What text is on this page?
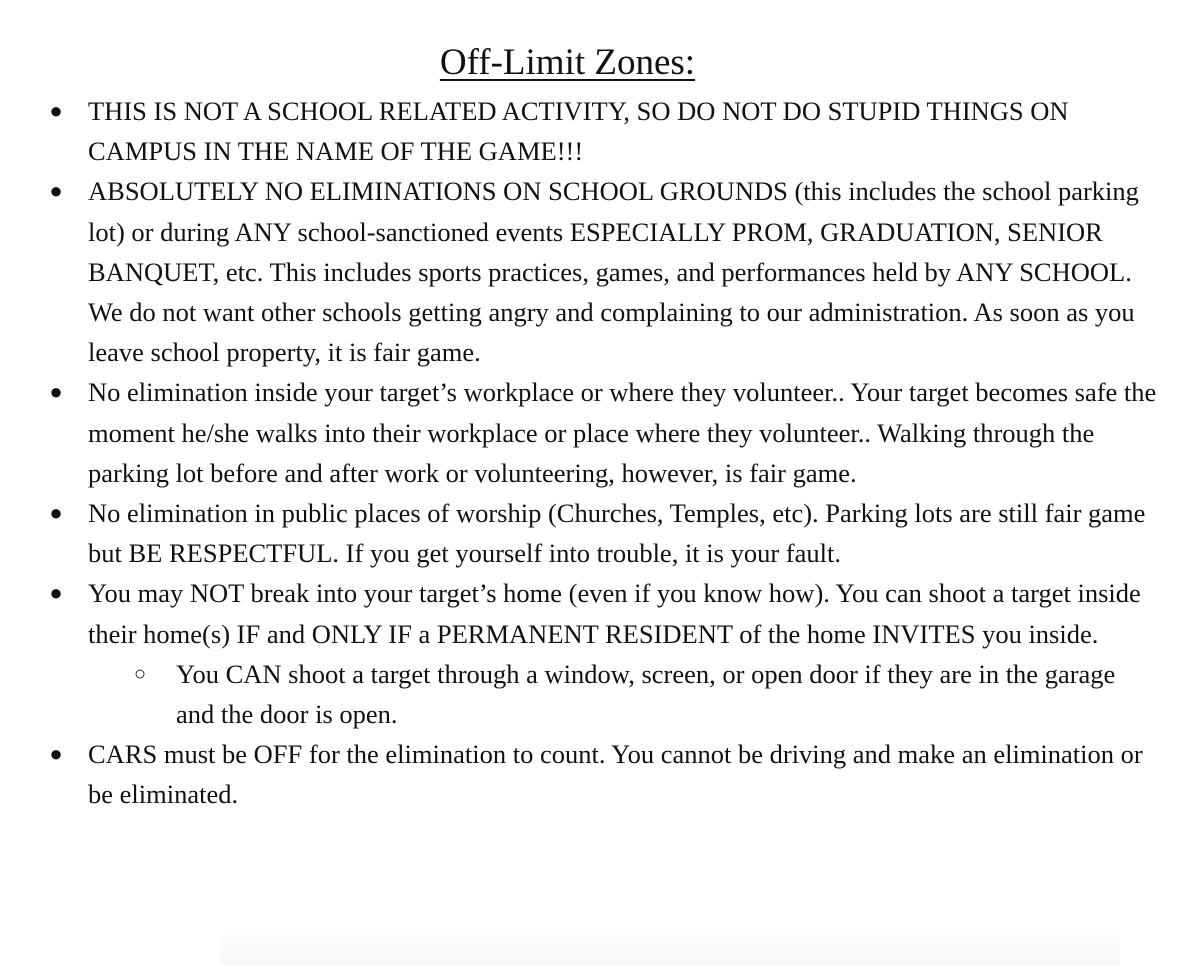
Off-Limit Zones:
● THIS IS NOT A SCHOOL RELATED ACTIVITY, SO DO NOT DO STUPID THINGS ON CAMPUS IN THE NAME OF THE GAME!!!
● ABSOLUTELY NO ELIMINATIONS ON SCHOOL GROUNDS (this includes the school parking lot) or during ANY school-sanctioned events ESPECIALLY PROM, GRADUATION, SENIOR BANQUET, etc. This includes sports practices, games, and performances held by ANY SCHOOL. We do not want other schools getting angry and complaining to our administration. As soon as you leave school property, it is fair game.
● No elimination inside your target’s workplace or where they volunteer.. Your target becomes safe the moment he/she walks into their workplace or place where they volunteer.. Walking through the parking lot before and after work or volunteering, however, is fair game.
● No elimination in public places of worship (Churches, Temples, etc). Parking lots are still fair game but BE RESPECTFUL. If you get yourself into trouble, it is your fault.
● You may NOT break into your target’s home (even if you know how). You can shoot a target inside their home(s) IF and ONLY IF a PERMANENT RESIDENT of the home INVITES you inside.
○ You CAN shoot a target through a window, screen, or open door if they are in the garage and the door is open.
● CARS must be OFF for the elimination to count. You cannot be driving and make an elimination or be eliminated.
